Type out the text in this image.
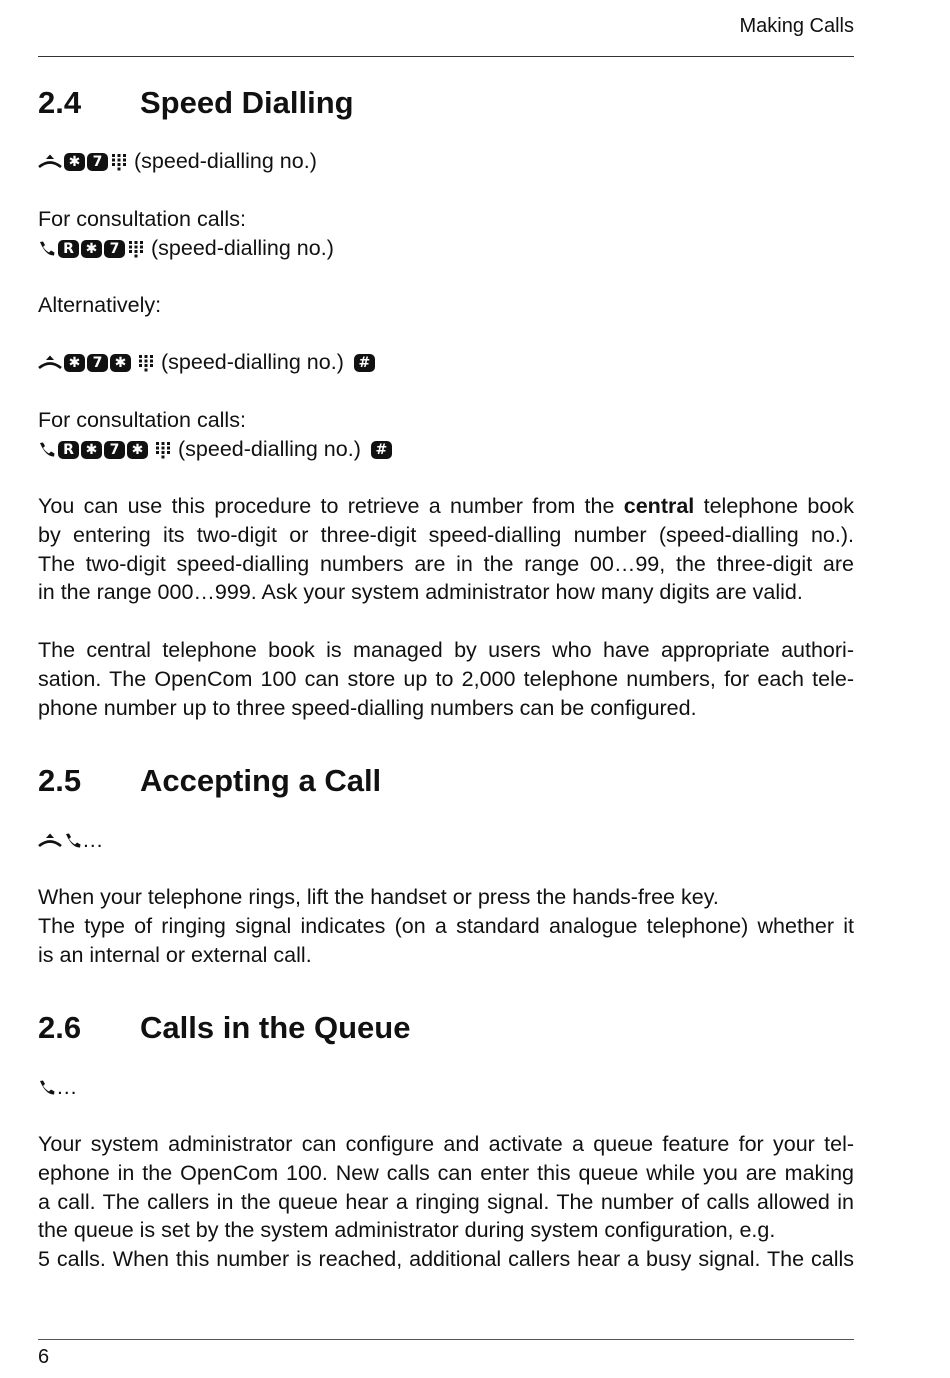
Making Calls
2.4 Speed Dialling
✱ 7 (speed-dialling no.)
For consultation calls:
R ✱ 7 (speed-dialling no.)
Alternatively:
✱ 7 ✱ (speed-dialling no.) #
For consultation calls:
R ✱ 7 ✱ (speed-dialling no.) #
You can use this procedure to retrieve a number from the central telephone book
by entering its two-digit or three-digit speed-dialling number (speed-dialling no.).
The two-digit speed-dialling numbers are in the range 00…99, the three-digit are
in the range 000…999. Ask your system administrator how many digits are valid.
The central telephone book is managed by users who have appropriate authori-
sation. The OpenCom 100 can store up to 2,000 telephone numbers, for each tele-
phone number up to three speed-dialling numbers can be configured.
2.5 Accepting a Call
…
When your telephone rings, lift the handset or press the hands-free key.
The type of ringing signal indicates (on a standard analogue telephone) whether it
is an internal or external call.
2.6 Calls in the Queue
…
Your system administrator can configure and activate a queue feature for your tel-
ephone in the OpenCom 100. New calls can enter this queue while you are making
a call. The callers in the queue hear a ringing signal. The number of calls allowed in
the queue is set by the system administrator during system configuration, e.g.
5 calls. When this number is reached, additional callers hear a busy signal. The calls
6
